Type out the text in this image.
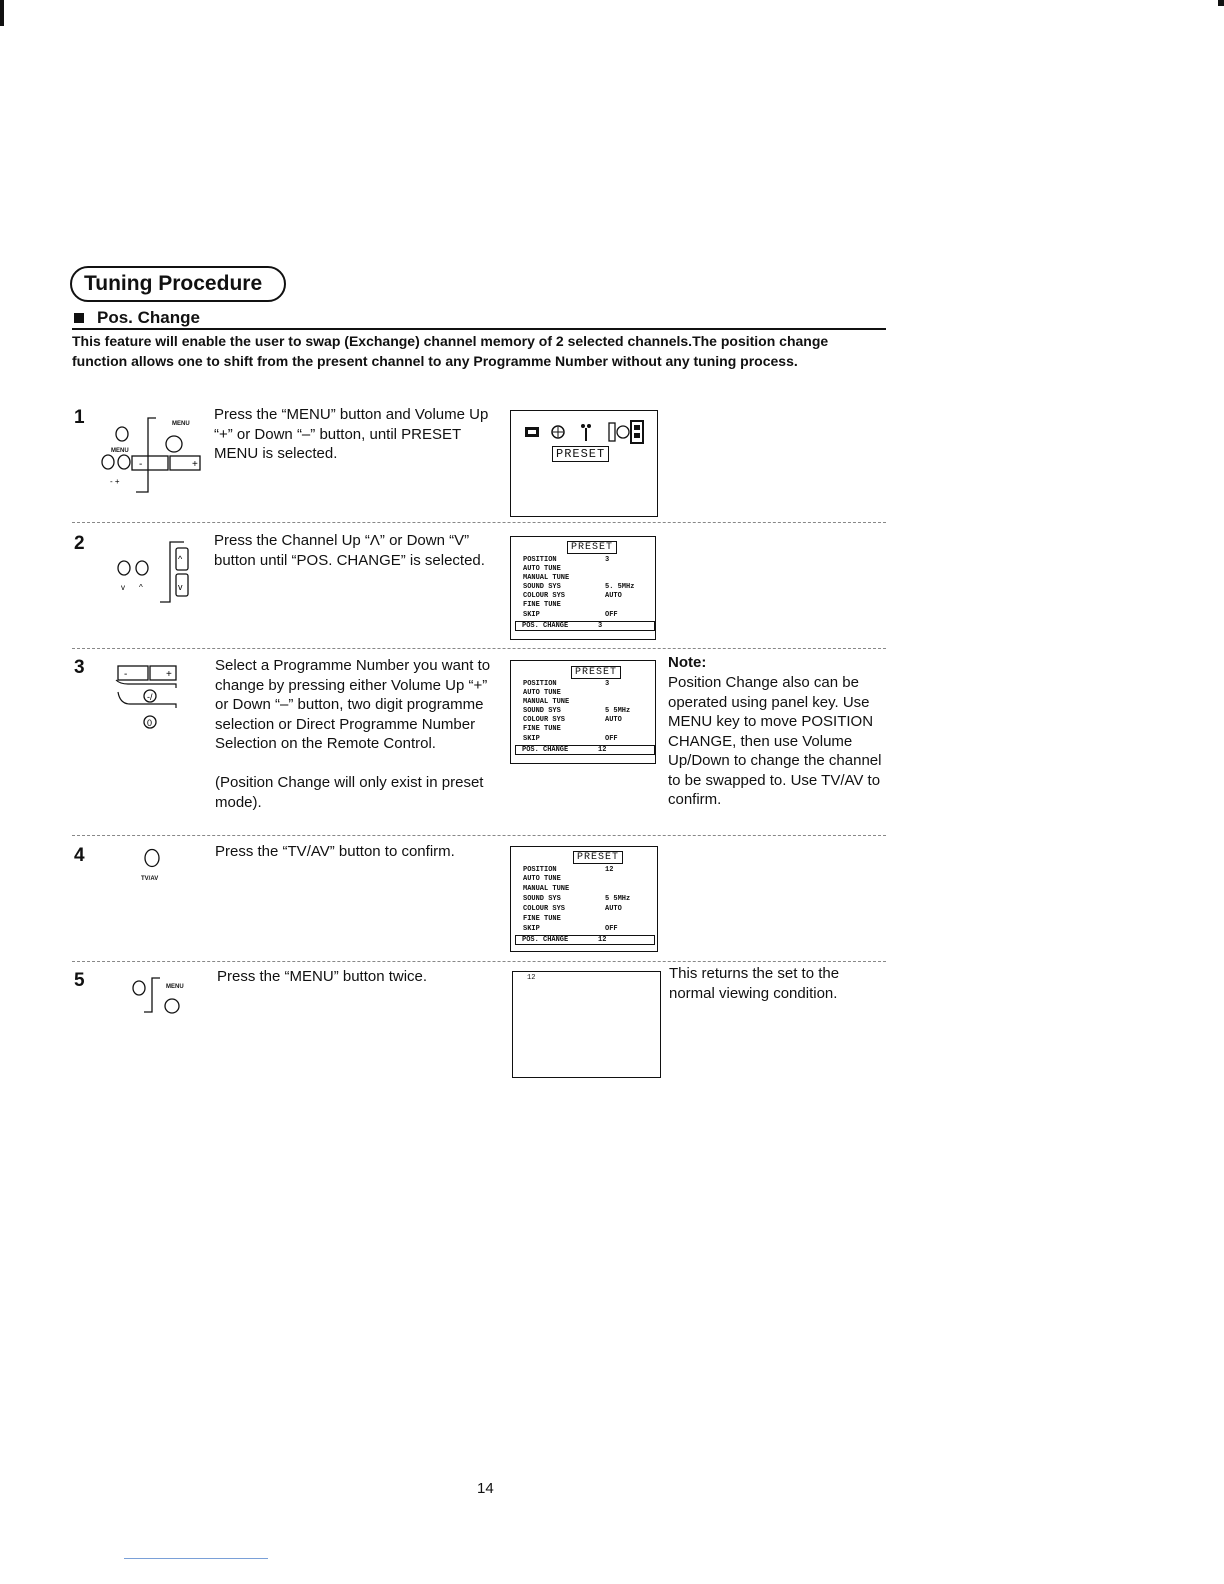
Tuning Procedure
Pos. Change
This feature will enable the user to swap (Exchange) channel memory of 2 selected channels.The position change function allows one to shift from the present channel to any Programme Number without any tuning process.
1
-	+
- +
MENU
MENU
Press the “MENU” button and Volume Up “+” or Down “–” button, until PRESET MENU is selected.	PRESET
2
v ^
^
v
Press the Channel Up “Λ” or Down “V” button until “POS. CHANGE” is selected.
PRESET
POSITION	3
AUTO TUNE
MANUAL TUNE
SOUND SYS	5. 5MHz
COLOUR SYS	AUTO
FINE TUNE
SKIP	OFF
POS. CHANGE	3
3	-	+
-/
0
Select a Programme Number you want to change by pressing either Volume Up “+” or Down “–” button, two digit programme selection or Direct Programme Number Selection on the Remote Control.
(Position Change will only exist in preset mode).
PRESET
POSITION	3
AUTO TUNE
MANUAL TUNE
SOUND SYS	5 5MHz
COLOUR SYS	AUTO
FINE TUNE
SKIP	OFF
POS. CHANGE	12
Note:
Position Change also can be operated using panel key. Use MENU key to move POSITION CHANGE, then use Volume Up/Down to change the channel to be swapped to. Use TV/AV to confirm.
4
TV/AV
Press the “TV/AV” button to confirm.	PRESET
POSITION	12
AUTO TUNE
MANUAL TUNE
SOUND SYS	5 5MHz
COLOUR SYS	AUTO
FINE TUNE
SKIP	OFF
POS. CHANGE	12
5	MENU
Press the “MENU” button twice.	12	This returns the set to the normal viewing condition.
14
